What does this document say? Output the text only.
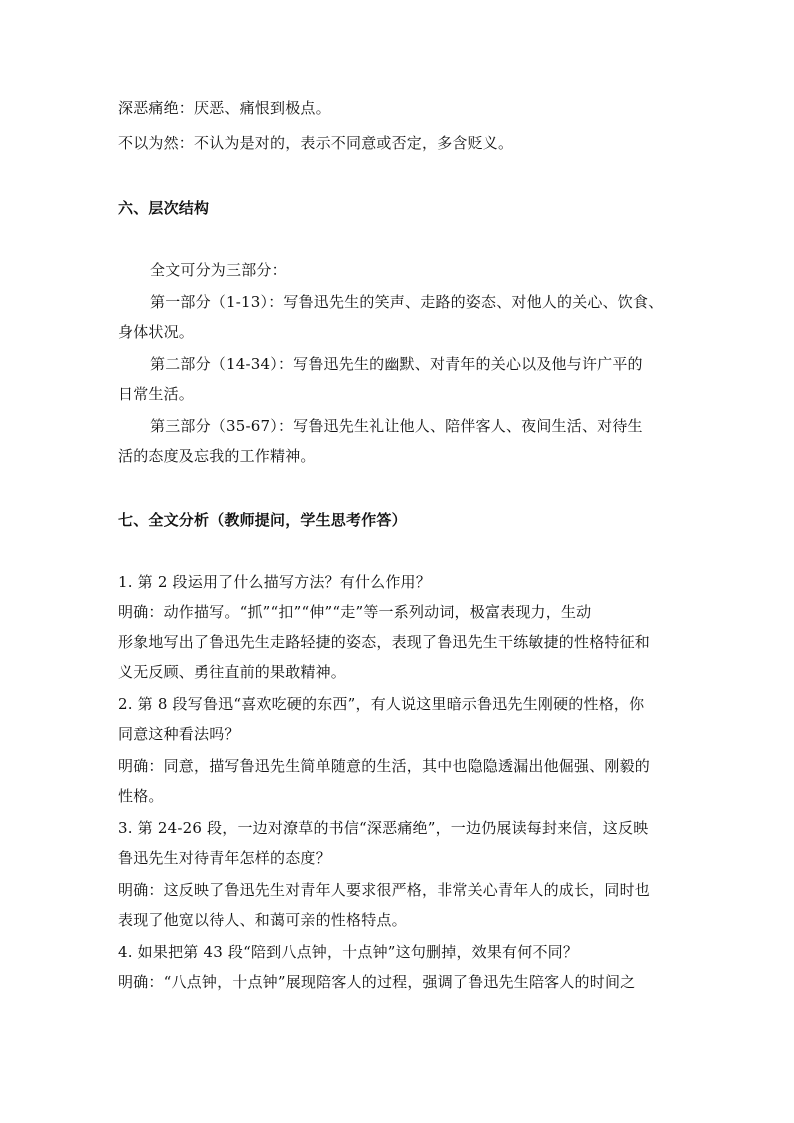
深恶痛绝：厌恶、痛恨到极点。
不以为然：不认为是对的，表示不同意或否定，多含贬义。
六、层次结构
全文可分为三部分：
第一部分（1-13）：写鲁迅先生的笑声、走路的姿态、对他人的关心、饮食、
身体状况。
第二部分（14-34）：写鲁迅先生的幽默、对青年的关心以及他与许广平的
日常生活。
第三部分（35-67）：写鲁迅先生礼让他人、陪伴客人、夜间生活、对待生
活的态度及忘我的工作精神。
七、全文分析（教师提问，学生思考作答）
1. 第 2 段运用了什么描写方法？有什么作用？
明确：动作描写。“抓”“扣”“伸”“走”等一系列动词，极富表现力，生动
形象地写出了鲁迅先生走路轻捷的姿态，表现了鲁迅先生干练敏捷的性格特征和
义无反顾、勇往直前的果敢精神。
2. 第 8 段写鲁迅“喜欢吃硬的东西”，有人说这里暗示鲁迅先生刚硬的性格，你
同意这种看法吗？
明确：同意，描写鲁迅先生简单随意的生活，其中也隐隐透漏出他倔强、刚毅的
性格。
3. 第 24-26 段，一边对潦草的书信“深恶痛绝”，一边仍展读每封来信，这反映
鲁迅先生对待青年怎样的态度？
明确：这反映了鲁迅先生对青年人要求很严格，非常关心青年人的成长，同时也
表现了他宽以待人、和蔼可亲的性格特点。
4. 如果把第 43 段“陪到八点钟，十点钟”这句删掉，效果有何不同？
明确：“八点钟，十点钟”展现陪客人的过程，强调了鲁迅先生陪客人的时间之
